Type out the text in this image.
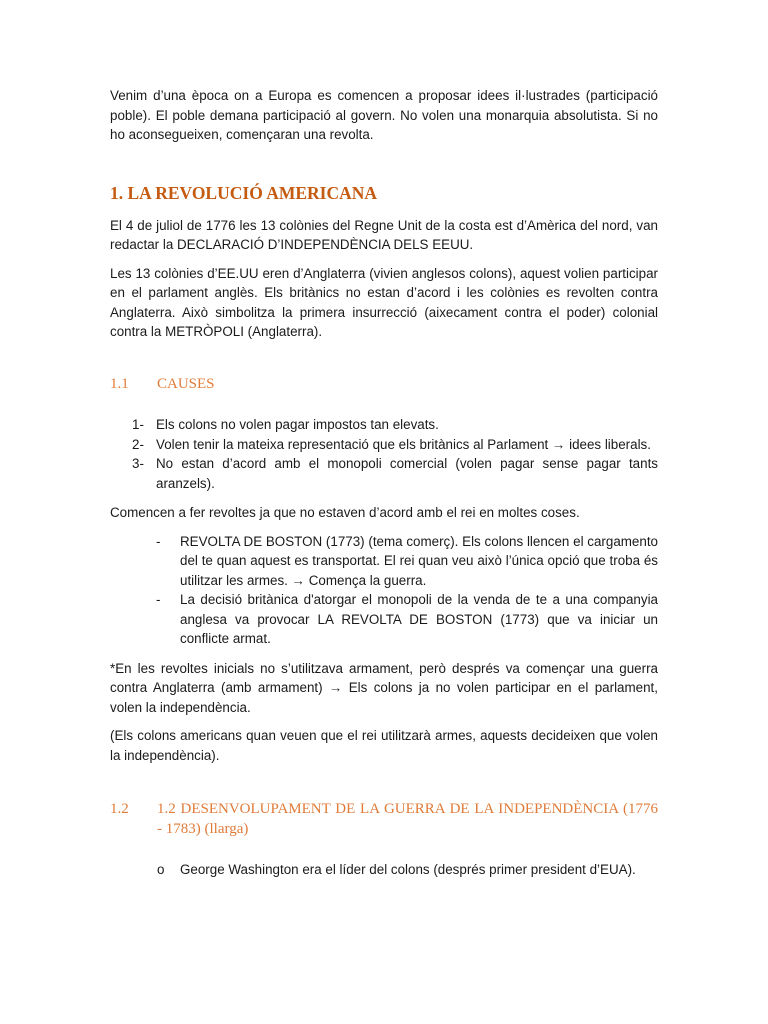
Venim d’una època on a Europa es comencen a proposar idees il·lustrades (participació poble). El poble demana participació al govern. No volen una monarquia absolutista. Si no ho aconsegueixen, començaran una revolta.

1. LA REVOLUCIÓ AMERICANA

El 4 de juliol de 1776 les 13 colònies del Regne Unit de la costa est d’Amèrica del nord, van redactar la DECLARACIÓ D’INDEPENDÈNCIA DELS EEUU.

Les 13 colònies d’EE.UU eren d’Anglaterra (vivien anglesos colons), aquest volien participar en el parlament anglès. Els britànics no estan d’acord i les colònies es revolten contra Anglaterra. Això simbolitza la primera insurrecció (aixecament contra el poder) colonial contra la METRÒPOLI (Anglaterra).

1.1	CAUSES
1- Els colons no volen pagar impostos tan elevats.
2- Volen tenir la mateixa representació que els britànics al Parlament → idees liberals.
3- No estan d’acord amb el monopoli comercial (volen pagar sense pagar tants aranzels).

Comencen a fer revoltes ja que no estaven d’acord amb el rei en moltes coses.

-	REVOLTA DE BOSTON (1773) (tema comerç). Els colons llencen el cargamento del te quan aquest es transportat. El rei quan veu això l’única opció que troba és utilitzar les armes. → Comença la guerra.
-	La decisió britànica d'atorgar el monopoli de la venda de te a una companyia anglesa va provocar LA REVOLTA DE BOSTON (1773) que va iniciar un conflicte armat.

*En les revoltes inicials no s’utilitzava armament, però després va començar una guerra contra Anglaterra (amb armament) → Els colons ja no volen participar en el parlament, volen la independència.

(Els colons americans quan veuen que el rei utilitzarà armes, aquests decideixen que volen la independència).

1.2	1.2 DESENVOLUPAMENT DE LA GUERRA DE LA INDEPENDÈNCIA (1776 - 1783) (llarga)
o	George Washington era el líder del colons (després primer president d’EUA).
